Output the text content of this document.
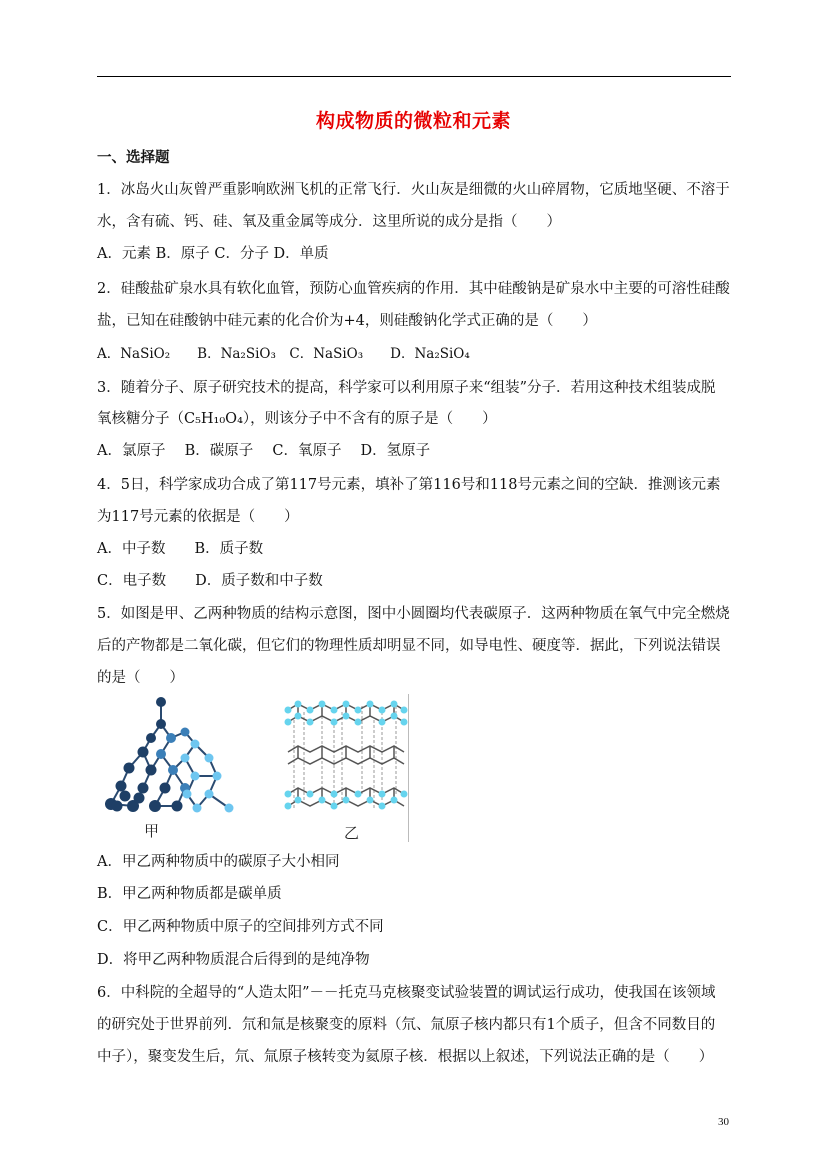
构成物质的微粒和元素
一、选择题
1．冰岛火山灰曾严重影响欧洲飞机的正常飞行．火山灰是细微的火山碎屑物，它质地坚硬、不溶于
水，含有硫、钙、硅、氧及重金属等成分．这里所说的成分是指（　　）
A．元素 B．原子 C．分子 D．单质
2．硅酸盐矿泉水具有软化血管，预防心血管疾病的作用．其中硅酸钠是矿泉水中主要的可溶性硅酸
盐，已知在硅酸钠中硅元素的化合价为+4，则硅酸钠化学式正确的是（　　）
A．NaSiO₂　　B．Na₂SiO₃　C．NaSiO₃　　D．Na₂SiO₄
3．随着分子、原子研究技术的提高，科学家可以利用原子来“组装”分子．若用这种技术组装成脱
氧核糖分子（C₅H₁₀O₄），则该分子中不含有的原子是（　　）
A．氯原子　 B．碳原子　 C．氧原子　 D．氢原子
4．5日，科学家成功合成了第117号元素，填补了第116号和118号元素之间的空缺．推测该元素
为117号元素的依据是（　　）
A．中子数　　B．质子数
C．电子数　　D．质子数和中子数
5．如图是甲、乙两种物质的结构示意图，图中小圆圈均代表碳原子．这两种物质在氧气中完全燃烧
后的产物都是二氧化碳，但它们的物理性质却明显不同，如导电性、硬度等．据此，下列说法错误
的是（　　）
甲	乙
A．甲乙两种物质中的碳原子大小相同
B．甲乙两种物质都是碳单质
C．甲乙两种物质中原子的空间排列方式不同
D．将甲乙两种物质混合后得到的是纯净物
6．中科院的全超导的“人造太阳”－－托克马克核聚变试验装置的调试运行成功，使我国在该领域
的研究处于世界前列．氘和氚是核聚变的原料（氘、氚原子核内都只有1个质子，但含不同数目的
中子），聚变发生后，氘、氚原子核转变为氦原子核．根据以上叙述，下列说法正确的是（　　）
30
